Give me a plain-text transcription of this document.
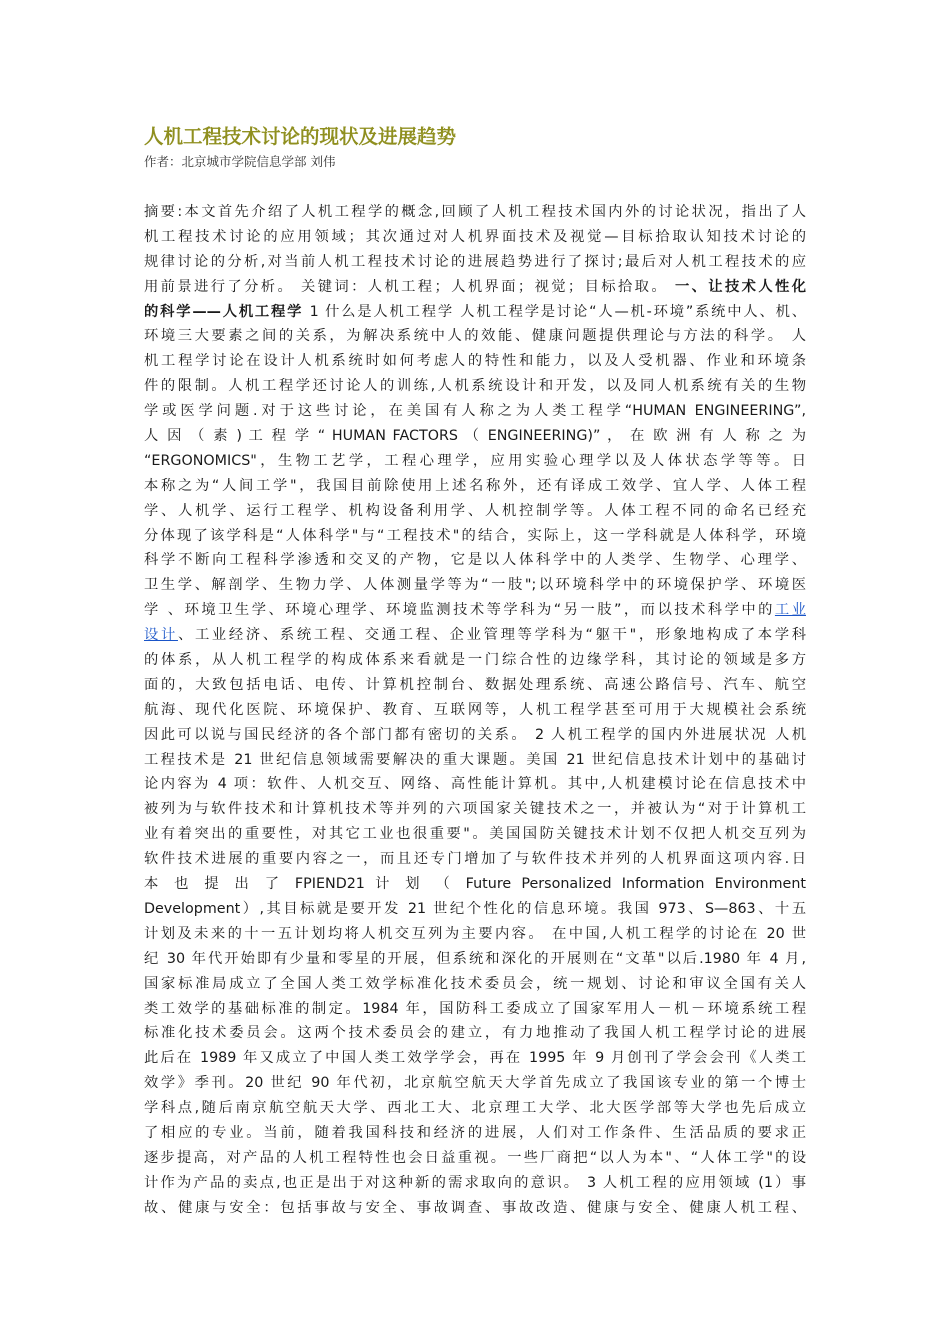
人机工程技术讨论的现状及进展趋势

作者：北京城市学院信息学部 刘伟

摘要:本文首先介绍了人机工程学的概念,回顾了人机工程技术国内外的讨论状况，指出了人
机工程技术讨论的应用领域；其次通过对人机界面技术及视觉—目标拾取认知技术讨论的
规律讨论的分析,对当前人机工程技术讨论的进展趋势进行了探讨;最后对人机工程技术的应
用前景进行了分析。 关键词：人机工程；人机界面；视觉；目标拾取。 一、让技术人性化
的科学——人机工程学 1 什么是人机工程学 人机工程学是讨论“人—机-环境”系统中人、机、
环境三大要素之间的关系，为解决系统中人的效能、健康问题提供理论与方法的科学。 人
机工程学讨论在设计人机系统时如何考虑人的特性和能力，以及人受机器、作业和环境条
件的限制。人机工程学还讨论人的训练,人机系统设计和开发，以及同人机系统有关的生物
学或医学问题.对于这些讨论，在美国有人称之为人类工程学“HUMAN ENGINEERING”,
人 因 （ 素 ) 工 程 学 “ HUMAN FACTORS （ ENGINEERING)” ， 在 欧 洲 有 人 称 之 为
“ERGONOMICS"，生物工艺学，工程心理学，应用实验心理学以及人体状态学等等。日
本称之为“人间工学"，我国目前除使用上述名称外，还有译成工效学、宜人学、人体工程
学、人机学、运行工程学、机构设备利用学、人机控制学等。人体工程不同的命名已经充
分体现了该学科是“人体科学"与“工程技术"的结合，实际上，这一学科就是人体科学，环境
科学不断向工程科学渗透和交叉的产物，它是以人体科学中的人类学、生物学、心理学、
卫生学、解剖学、生物力学、人体测量学等为“一肢";以环境科学中的环境保护学、环境医
学 、环境卫生学、环境心理学、环境监测技术等学科为“另一肢”，而以技术科学中的工业
设计、工业经济、系统工程、交通工程、企业管理等学科为“躯干"，形象地构成了本学科
的体系，从人机工程学的构成体系来看就是一门综合性的边缘学科，其讨论的领域是多方
面的，大致包括电话、电传、计算机控制台、数据处理系统、高速公路信号、汽车、航空
航海、现代化医院、环境保护、教育、互联网等，人机工程学甚至可用于大规模社会系统
因此可以说与国民经济的各个部门都有密切的关系。 2 人机工程学的国内外进展状况 人机
工程技术是 21 世纪信息领域需要解决的重大课题。美国 21 世纪信息技术计划中的基础讨
论内容为 4 项：软件、人机交互、网络、高性能计算机。其中,人机建模讨论在信息技术中
被列为与软件技术和计算机技术等并列的六项国家关键技术之一，并被认为“对于计算机工
业有着突出的重要性，对其它工业也很重要"。美国国防关键技术计划不仅把人机交互列为
软件技术进展的重要内容之一，而且还专门增加了与软件技术并列的人机界面这项内容.日
本 也 提 出 了 FPIEND21 计 划 （ Future Personalized Information Environment
Development）,其目标就是要开发 21 世纪个性化的信息环境。我国 973、S—863、十五
计划及未来的十一五计划均将人机交互列为主要内容。 在中国,人机工程学的讨论在 20 世
纪 30 年代开始即有少量和零星的开展，但系统和深化的开展则在“文革"以后.1980 年 4 月,
国家标准局成立了全国人类工效学标准化技术委员会，统一规划、讨论和审议全国有关人
类工效学的基础标准的制定。1984 年，国防科工委成立了国家军用人－机－环境系统工程
标准化技术委员会。这两个技术委员会的建立，有力地推动了我国人机工程学讨论的进展
此后在 1989 年又成立了中国人类工效学学会，再在 1995 年 9 月创刊了学会会刊《人类工
效学》季刊。20 世纪 90 年代初，北京航空航天大学首先成立了我国该专业的第一个博士
学科点,随后南京航空航天大学、西北工大、北京理工大学、北大医学部等大学也先后成立
了相应的专业。当前，随着我国科技和经济的进展，人们对工作条件、生活品质的要求正
逐步提高，对产品的人机工程特性也会日益重视。一些厂商把“以人为本"、“人体工学"的设
计作为产品的卖点,也正是出于对这种新的需求取向的意识。 3 人机工程的应用领域 (1）事
故、健康与安全：包括事故与安全、事故调查、事故改造、健康与安全、健康人机工程、
